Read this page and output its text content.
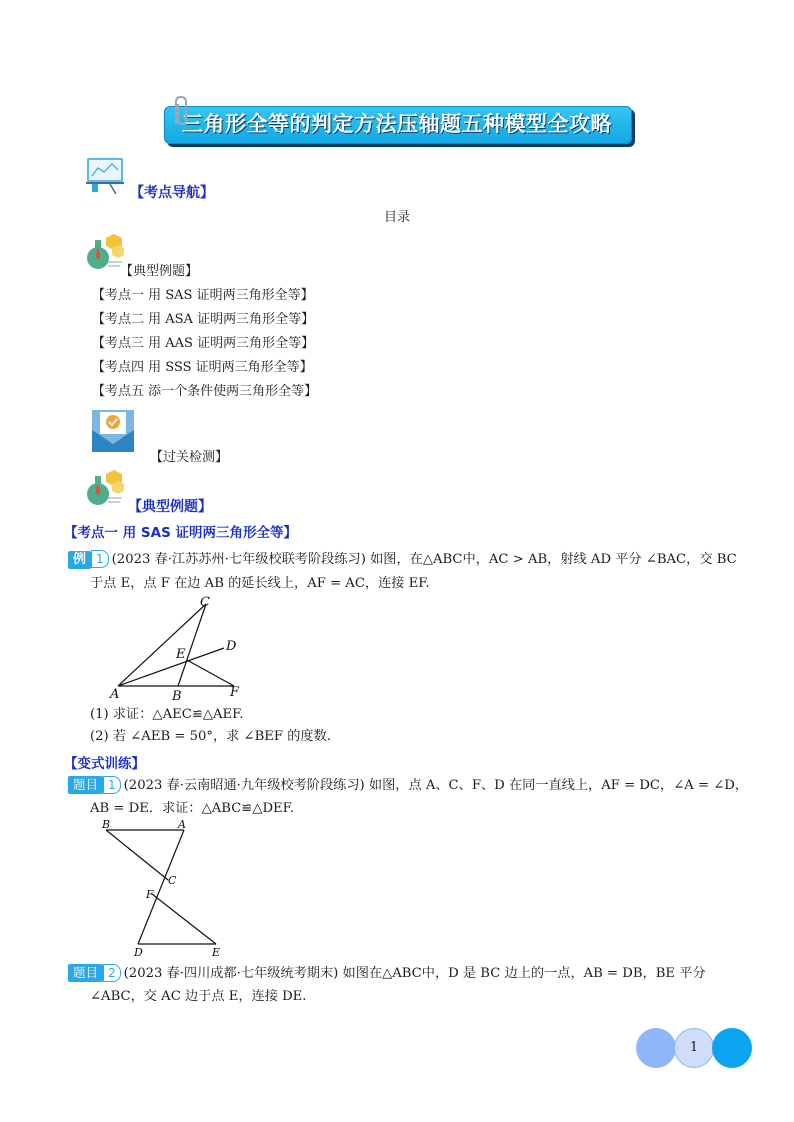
三角形全等的判定方法压轴题五种模型全攻略
【考点导航】
目录
【典型例题】
【考点一 用 SAS 证明两三角形全等】
【考点二 用 ASA 证明两三角形全等】
【考点三 用 AAS 证明两三角形全等】
【考点四 用 SSS 证明两三角形全等】
【考点五 添一个条件使两三角形全等】
【过关检测】
【典型例题】
【考点一 用 SAS 证明两三角形全等】
例 1 (2023 春·江苏苏州·七年级校联考阶段练习) 如图，在△ABC中，AC > AB，射线 AD 平分 ∠BAC，交 BC
于点 E，点 F 在边 AB 的延长线上，AF = AC，连接 EF.
C
D
E
A	B	F
(1) 求证：△AEC≌△AEF.
(2) 若 ∠AEB = 50°，求 ∠BEF 的度数.
【变式训练】
题目 1 (2023 春·云南昭通·九年级校考阶段练习) 如图，点 A、C、F、D 在同一直线上，AF = DC，∠A = ∠D，
AB = DE．求证：△ABC≌△DEF.
B	A
C
F
D	E
题目 2 (2023 春·四川成都·七年级统考期末) 如图在△ABC中，D 是 BC 边上的一点，AB = DB，BE 平分
∠ABC，交 AC 边于点 E，连接 DE.
1
